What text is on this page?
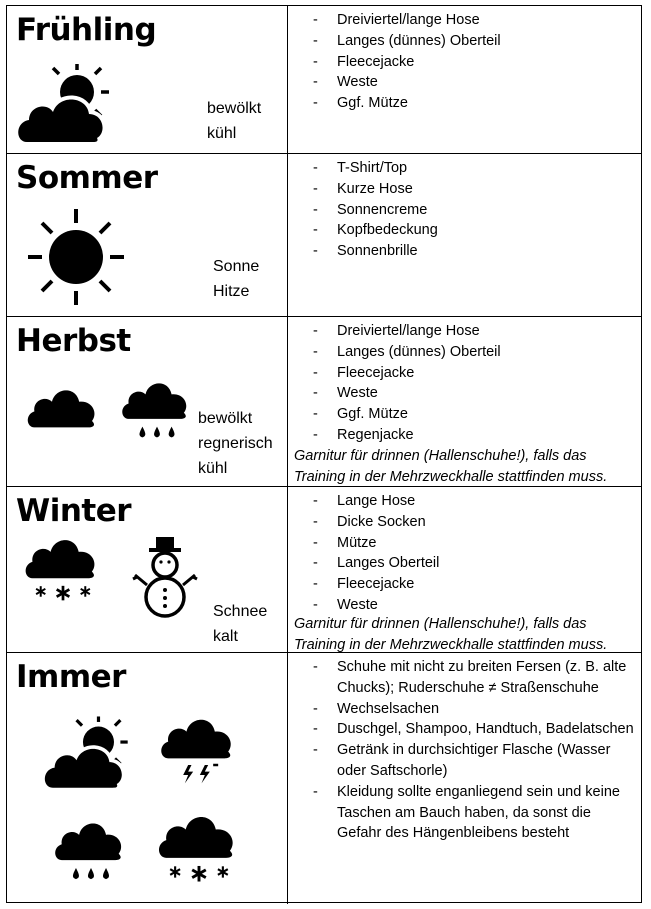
Frühling
bewölkt
kühl
- Dreiviertel/lange Hose
- Langes (dünnes) Oberteil
- Fleecejacke
- Weste
- Ggf. Mütze
Sommer
Sonne
Hitze
- T-Shirt/Top
- Kurze Hose
- Sonnencreme
- Kopfbedeckung
- Sonnenbrille
Herbst
bewölkt
regnerisch
kühl
- Dreiviertel/lange Hose
- Langes (dünnes) Oberteil
- Fleecejacke
- Weste
- Ggf. Mütze
- Regenjacke
Garnitur für drinnen (Hallenschuhe!), falls das Training in der Mehrzweckhalle stattfinden muss.
Winter
Schnee
kalt
- Lange Hose
- Dicke Socken
- Mütze
- Langes Oberteil
- Fleecejacke
- Weste
Garnitur für drinnen (Hallenschuhe!), falls das Training in der Mehrzweckhalle stattfinden muss.
Immer
-	Schuhe mit nicht zu breiten Fersen (z. B. alte Chucks); Ruderschuhe ≠ Straßenschuhe
- Wechselsachen
- Duschgel, Shampoo, Handtuch, Badelatschen
- Getränk in durchsichtiger Flasche (Wasser oder Saftschorle)
- Kleidung sollte enganliegend sein und keine Taschen am Bauch haben, da sonst die Gefahr des Hängenbleibens besteht
